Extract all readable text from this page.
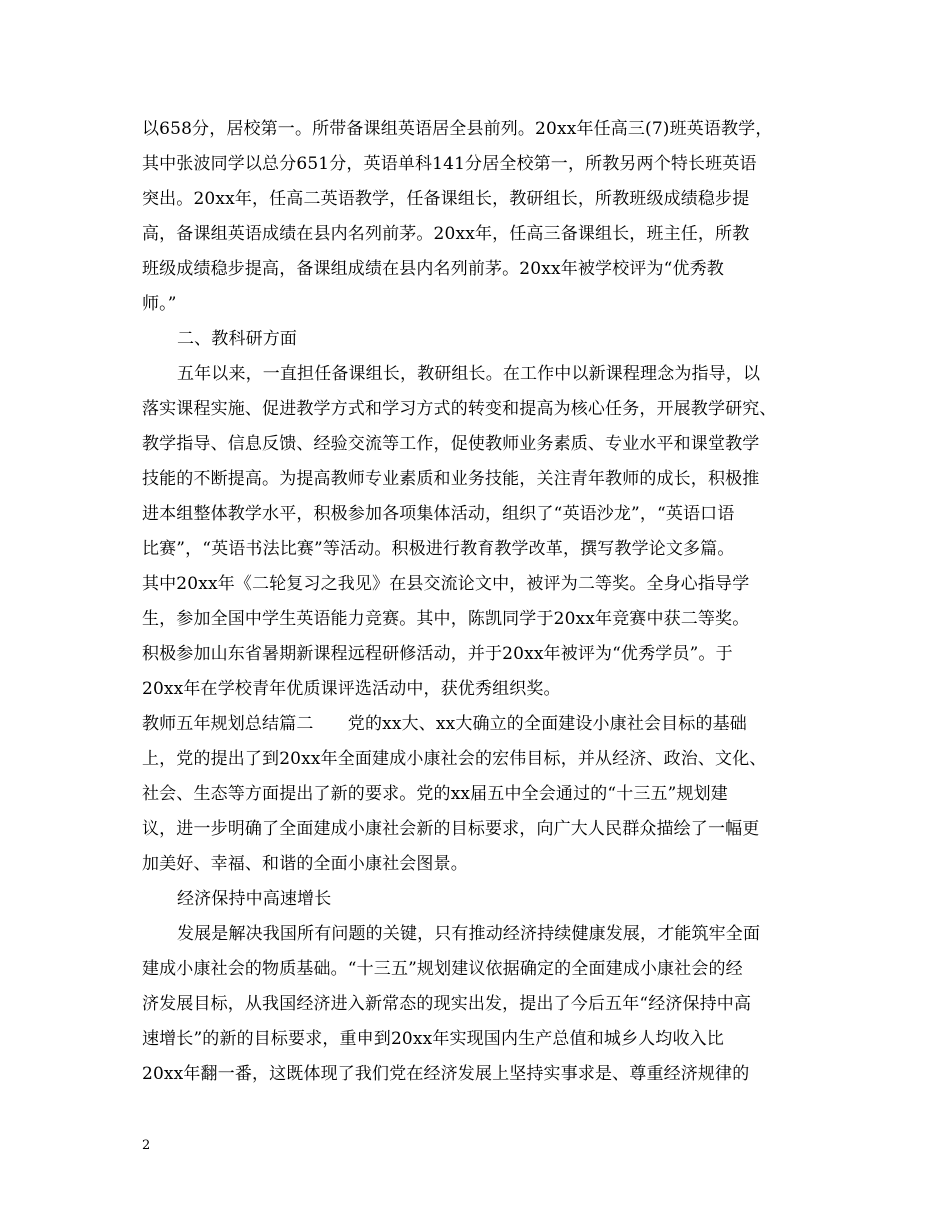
以658分，居校第一。所带备课组英语居全县前列。20xx年任高三(7)班英语教学，
其中张波同学以总分651分，英语单科141分居全校第一，所教另两个特长班英语
突出。20xx年，任高二英语教学，任备课组长，教研组长，所教班级成绩稳步提
高，备课组英语成绩在县内名列前茅。20xx年，任高三备课组长，班主任，所教
班级成绩稳步提高，备课组成绩在县内名列前茅。20xx年被学校评为“优秀教
师。”
二、教科研方面
五年以来，一直担任备课组长，教研组长。在工作中以新课程理念为指导，以
落实课程实施、促进教学方式和学习方式的转变和提高为核心任务，开展教学研究、
教学指导、信息反馈、经验交流等工作，促使教师业务素质、专业水平和课堂教学
技能的不断提高。为提高教师专业素质和业务技能，关注青年教师的成长，积极推
进本组整体教学水平，积极参加各项集体活动，组织了“英语沙龙”，“英语口语
比赛”，“英语书法比赛”等活动。积极进行教育教学改革，撰写教学论文多篇。
其中20xx年《二轮复习之我见》在县交流论文中，被评为二等奖。全身心指导学
生，参加全国中学生英语能力竞赛。其中，陈凯同学于20xx年竞赛中获二等奖。
积极参加山东省暑期新课程远程研修活动，并于20xx年被评为“优秀学员”。于
20xx年在学校青年优质课评选活动中，获优秀组织奖。
教师五年规划总结篇二　　党的xx大、xx大确立的全面建设小康社会目标的基础
上，党的提出了到20xx年全面建成小康社会的宏伟目标，并从经济、政治、文化、
社会、生态等方面提出了新的要求。党的xx届五中全会通过的“十三五”规划建
议，进一步明确了全面建成小康社会新的目标要求，向广大人民群众描绘了一幅更
加美好、幸福、和谐的全面小康社会图景。
经济保持中高速增长
发展是解决我国所有问题的关键，只有推动经济持续健康发展，才能筑牢全面
建成小康社会的物质基础。“十三五”规划建议依据确定的全面建成小康社会的经
济发展目标，从我国经济进入新常态的现实出发，提出了今后五年“经济保持中高
速增长”的新的目标要求，重申到20xx年实现国内生产总值和城乡人均收入比
20xx年翻一番，这既体现了我们党在经济发展上坚持实事求是、尊重经济规律的
2
